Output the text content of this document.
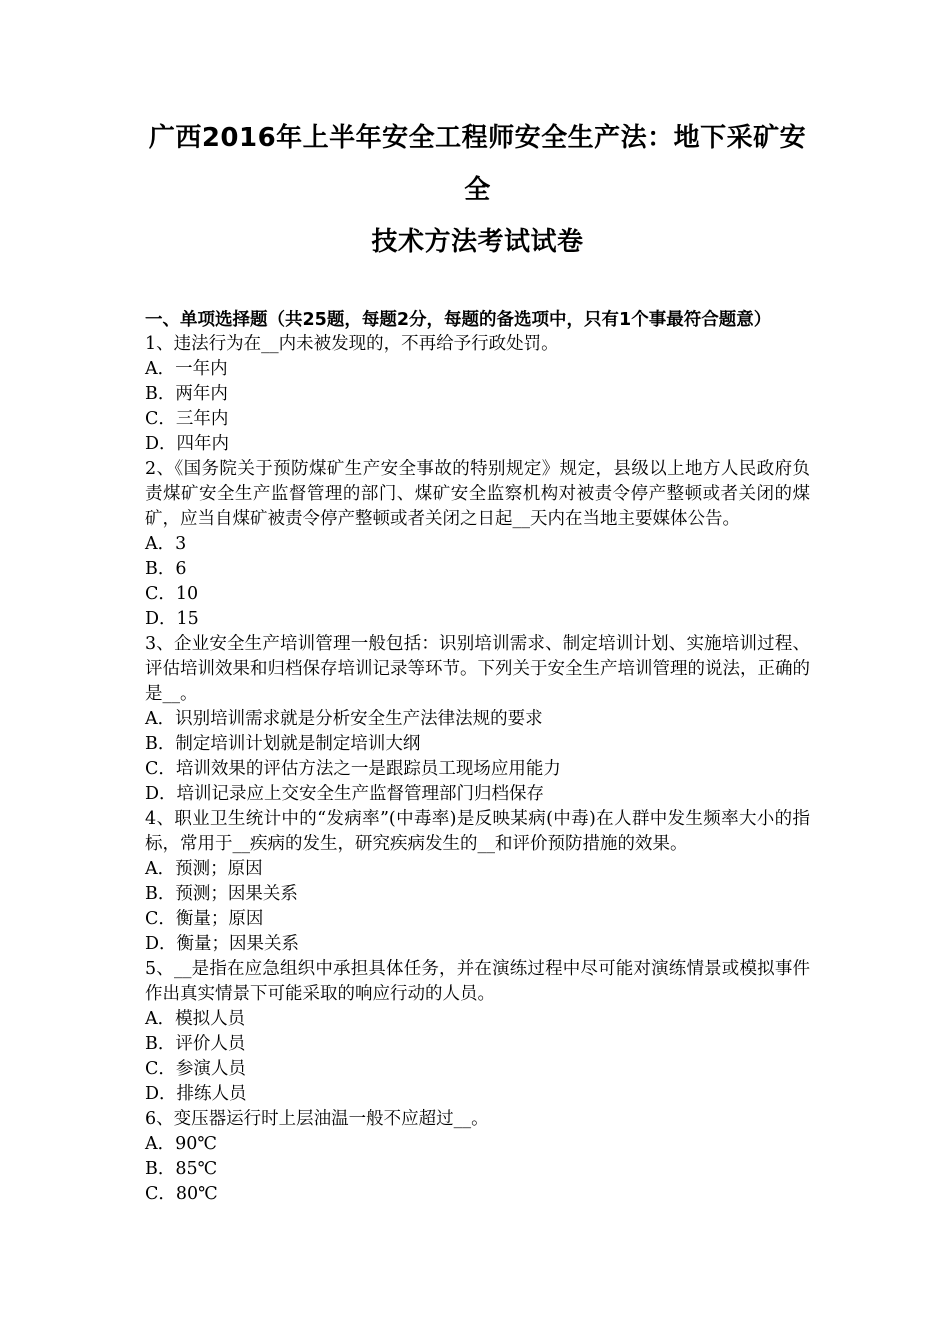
广西2016年上半年安全工程师安全生产法：地下采矿安全
技术方法考试试卷
一、单项选择题（共25题，每题2分，每题的备选项中，只有1个事最符合题意）
1、违法行为在__内未被发现的，不再给予行政处罚。
A．一年内
B．两年内
C．三年内
D．四年内
2、《国务院关于预防煤矿生产安全事故的特别规定》规定，县级以上地方人民政府负责煤矿安全生产监督管理的部门、煤矿安全监察机构对被责令停产整顿或者关闭的煤矿，应当自煤矿被责令停产整顿或者关闭之日起__天内在当地主要媒体公告。
A．3
B．6
C．10
D．15
3、企业安全生产培训管理一般包括：识别培训需求、制定培训计划、实施培训过程、评估培训效果和归档保存培训记录等环节。下列关于安全生产培训管理的说法，正确的是__。
A．识别培训需求就是分析安全生产法律法规的要求
B．制定培训计划就是制定培训大纲
C．培训效果的评估方法之一是跟踪员工现场应用能力
D．培训记录应上交安全生产监督管理部门归档保存
4、职业卫生统计中的“发病率”(中毒率)是反映某病(中毒)在人群中发生频率大小的指标，常用于__疾病的发生，研究疾病发生的__和评价预防措施的效果。
A．预测；原因
B．预测；因果关系
C．衡量；原因
D．衡量；因果关系
5、__是指在应急组织中承担具体任务，并在演练过程中尽可能对演练情景或模拟事件作出真实情景下可能采取的响应行动的人员。
A．模拟人员
B．评价人员
C．参演人员
D．排练人员
6、变压器运行时上层油温一般不应超过__。
A．90℃
B．85℃
C．80℃
